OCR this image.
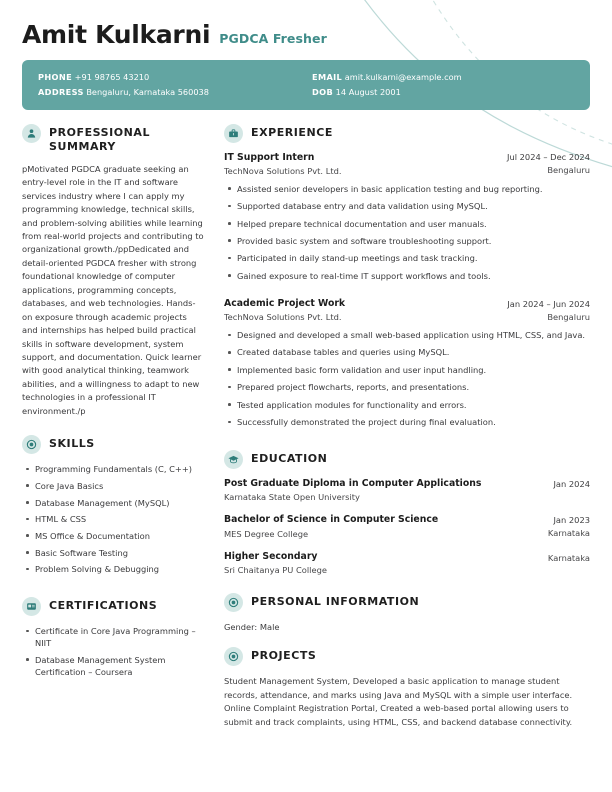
Amit Kulkarni PGDCA Fresher
PHONE +91 98765 43210
ADDRESS Bengaluru, Karnataka 560038
EMAIL amit.kulkarni@example.com
DOB 14 August 2001
PROFESSIONAL SUMMARY
pMotivated PGDCA graduate seeking an entry-level role in the IT and software services industry where I can apply my programming knowledge, technical skills, and problem-solving abilities while learning from real-world projects and contributing to organizational growth./ppDedicated and detail-oriented PGDCA fresher with strong foundational knowledge of computer applications, programming concepts, databases, and web technologies. Hands-on exposure through academic projects and internships has helped build practical skills in software development, system support, and documentation. Quick learner with good analytical thinking, teamwork abilities, and a willingness to adapt to new technologies in a professional IT environment./p
SKILLS
Programming Fundamentals (C, C++)
Core Java Basics
Database Management (MySQL)
HTML & CSS
MS Office & Documentation
Basic Software Testing
Problem Solving & Debugging
CERTIFICATIONS
Certificate in Core Java Programming – NIIT
Database Management System Certification – Coursera
EXPERIENCE
IT Support Intern
TechNova Solutions Pvt. Ltd.
Jul 2024 – Dec 2024
Bengaluru
Assisted senior developers in basic application testing and bug reporting.
Supported database entry and data validation using MySQL.
Helped prepare technical documentation and user manuals.
Provided basic system and software troubleshooting support.
Participated in daily stand-up meetings and task tracking.
Gained exposure to real-time IT support workflows and tools.
Academic Project Work
TechNova Solutions Pvt. Ltd.
Jan 2024 – Jun 2024
Bengaluru
Designed and developed a small web-based application using HTML, CSS, and Java.
Created database tables and queries using MySQL.
Implemented basic form validation and user input handling.
Prepared project flowcharts, reports, and presentations.
Tested application modules for functionality and errors.
Successfully demonstrated the project during final evaluation.
EDUCATION
Post Graduate Diploma in Computer Applications
Karnataka State Open University
Jan 2024
Bachelor of Science in Computer Science
MES Degree College
Jan 2023
Karnataka
Higher Secondary
Sri Chaitanya PU College
Karnataka
PERSONAL INFORMATION
Gender: Male
PROJECTS
Student Management System, Developed a basic application to manage student records, attendance, and marks using Java and MySQL with a simple user interface. Online Complaint Registration Portal, Created a web-based portal allowing users to submit and track complaints, using HTML, CSS, and backend database connectivity.
